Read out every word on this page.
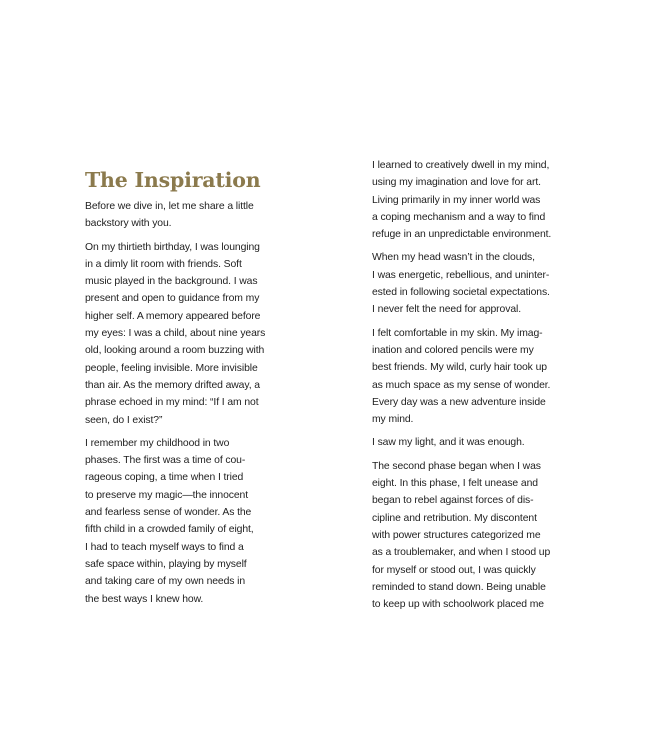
The Inspiration
Before we dive in, let me share a little
backstory with you.
On my thirtieth birthday, I was lounging
in a dimly lit room with friends. Soft
music played in the background. I was
present and open to guidance from my
higher self. A memory appeared before
my eyes: I was a child, about nine years
old, looking around a room buzzing with
people, feeling invisible. More invisible
than air. As the memory drifted away, a
phrase echoed in my mind: “If I am not
seen, do I exist?”
I remember my childhood in two
phases. The first was a time of cou-
rageous coping, a time when I tried
to preserve my magic—the innocent
and fearless sense of wonder. As the
fifth child in a crowded family of eight,
I had to teach myself ways to find a
safe space within, playing by myself
and taking care of my own needs in
the best ways I knew how.
I learned to creatively dwell in my mind,
using my imagination and love for art.
Living primarily in my inner world was
a coping mechanism and a way to find
refuge in an unpredictable environment.
When my head wasn’t in the clouds,
I was energetic, rebellious, and uninter-
ested in following societal expectations.
I never felt the need for approval.
I felt comfortable in my skin. My imag-
ination and colored pencils were my
best friends. My wild, curly hair took up
as much space as my sense of wonder.
Every day was a new adventure inside
my mind.
I saw my light, and it was enough.
The second phase began when I was
eight. In this phase, I felt unease and
began to rebel against forces of dis-
cipline and retribution. My discontent
with power structures categorized me
as a troublemaker, and when I stood up
for myself or stood out, I was quickly
reminded to stand down. Being unable
to keep up with schoolwork placed me
